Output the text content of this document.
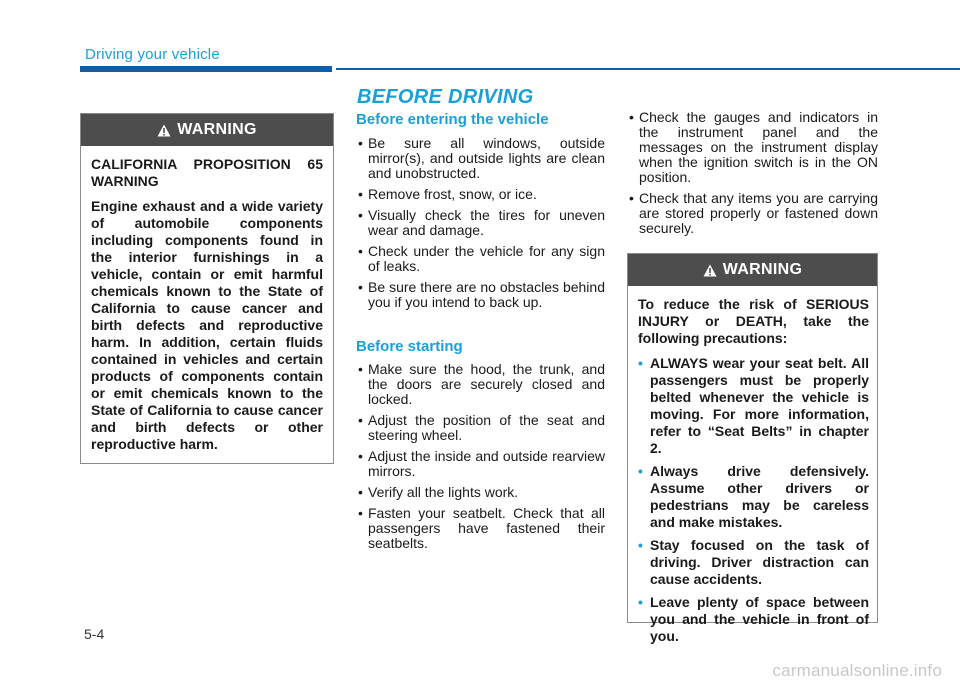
Driving your vehicle
BEFORE DRIVING
WARNING

CALIFORNIA PROPOSITION 65 WARNING

Engine exhaust and a wide variety of automobile components including components found in the interior furnishings in a vehicle, contain or emit harmful chemicals known to the State of California to cause cancer and birth defects and reproductive harm. In addition, certain fluids contained in vehicles and certain products of components contain or emit chemicals known to the State of California to cause cancer and birth defects or other reproductive harm.

Before entering the vehicle
• Be sure all windows, outside mirror(s), and outside lights are clean and unobstructed.
• Remove frost, snow, or ice.
• Visually check the tires for uneven wear and damage.
• Check under the vehicle for any sign of leaks.
• Be sure there are no obstacles behind you if you intend to back up.
Before starting
• Make sure the hood, the trunk, and the doors are securely closed and locked.
• Adjust the position of the seat and steering wheel.
• Adjust the inside and outside rearview mirrors.
• Verify all the lights work.
• Fasten your seatbelt. Check that all passengers have fastened their seatbelts.
• Check the gauges and indicators in the instrument panel and the messages on the instrument display when the ignition switch is in the ON position.
• Check that any items you are carrying are stored properly or fastened down securely.
WARNING

To reduce the risk of SERIOUS INJURY or DEATH, take the following precautions:

• ALWAYS wear your seat belt. All passengers must be properly belted whenever the vehicle is moving. For more information, refer to “Seat Belts” in chapter 2.
• Always drive defensively. Assume other drivers or pedestrians may be careless and make mistakes.
• Stay focused on the task of driving. Driver distraction can cause accidents.
• Leave plenty of space between you and the vehicle in front of you.
5-4
carmanualsonline.info
